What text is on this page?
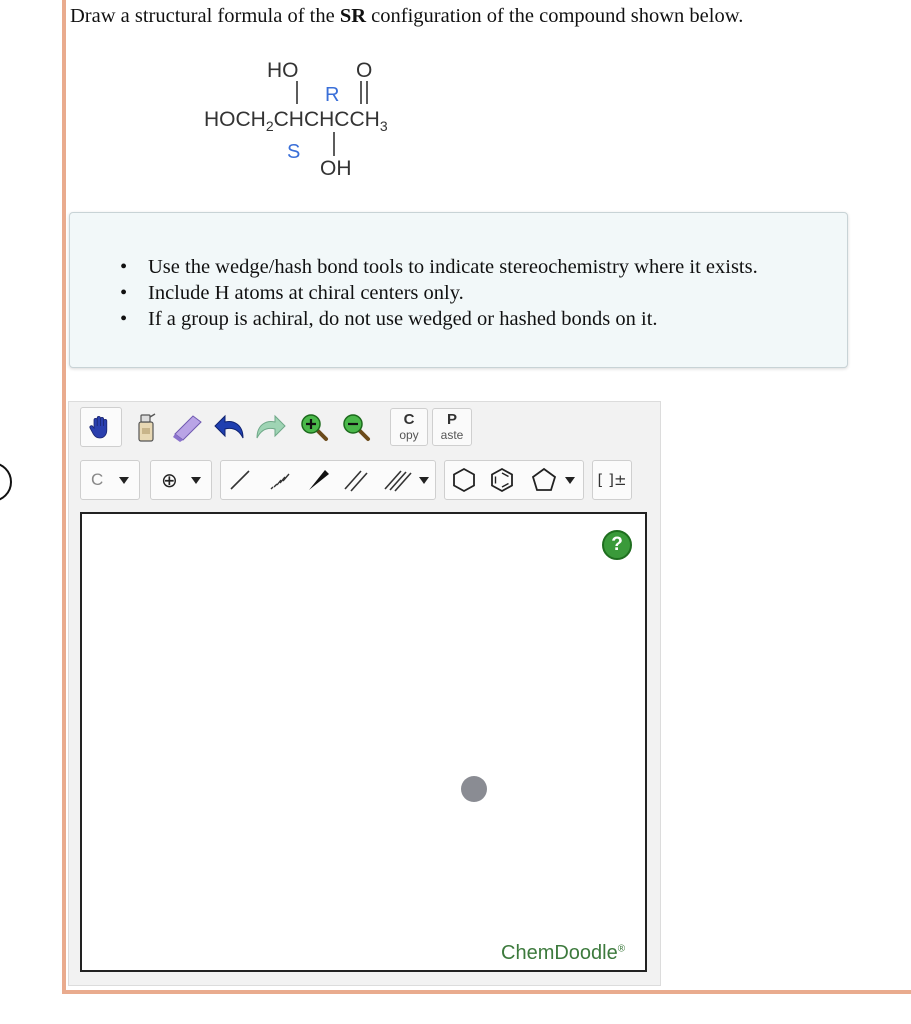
Draw a structural formula of the SR configuration of the compound shown below.
HO	O
R
$HOCH_2CHCHCCH_3$
S
OH
• Use the wedge/hash bond tools to indicate stereochemistry where it exists.
• Include H atoms at chiral centers only.
• If a group is achiral, do not use wedged or hashed bonds on it.
C
opy
P
aste
C	⊕	[ ]±
?
ChemDoodle®
